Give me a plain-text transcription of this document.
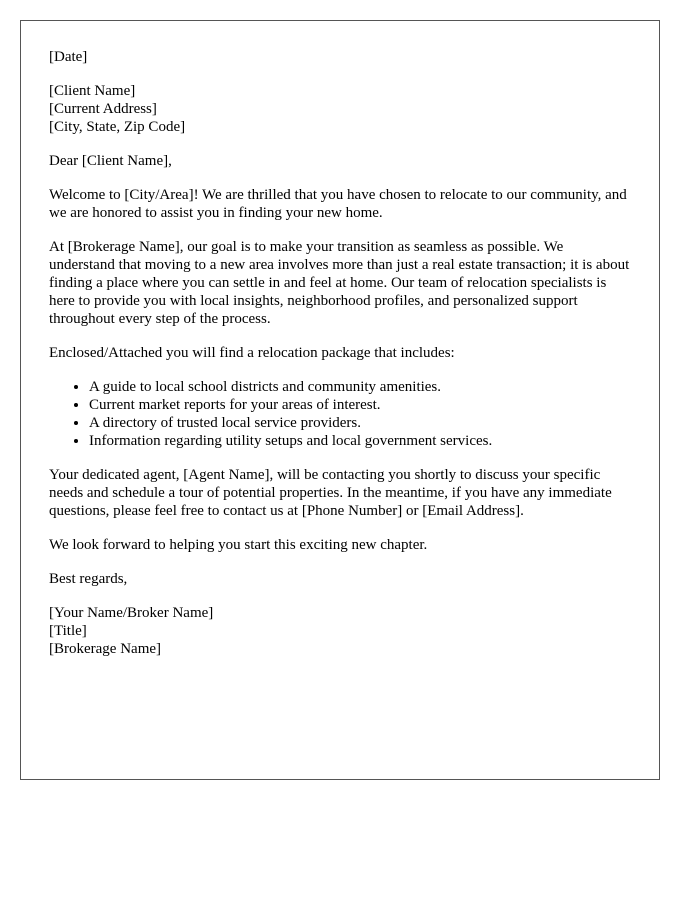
[Date]

[Client Name]
[Current Address]
[City, State, Zip Code]

Dear [Client Name],

Welcome to [City/Area]! We are thrilled that you have chosen to relocate to our community, and we are honored to assist you in finding your new home.

At [Brokerage Name], our goal is to make your transition as seamless as possible. We understand that moving to a new area involves more than just a real estate transaction; it is about finding a place where you can settle in and feel at home. Our team of relocation specialists is here to provide you with local insights, neighborhood profiles, and personalized support throughout every step of the process.

Enclosed/Attached you will find a relocation package that includes:

• A guide to local school districts and community amenities.
• Current market reports for your areas of interest.
• A directory of trusted local service providers.
• Information regarding utility setups and local government services.

Your dedicated agent, [Agent Name], will be contacting you shortly to discuss your specific needs and schedule a tour of potential properties. In the meantime, if you have any immediate questions, please feel free to contact us at [Phone Number] or [Email Address].

We look forward to helping you start this exciting new chapter.

Best regards,

[Your Name/Broker Name]
[Title]
[Brokerage Name]
